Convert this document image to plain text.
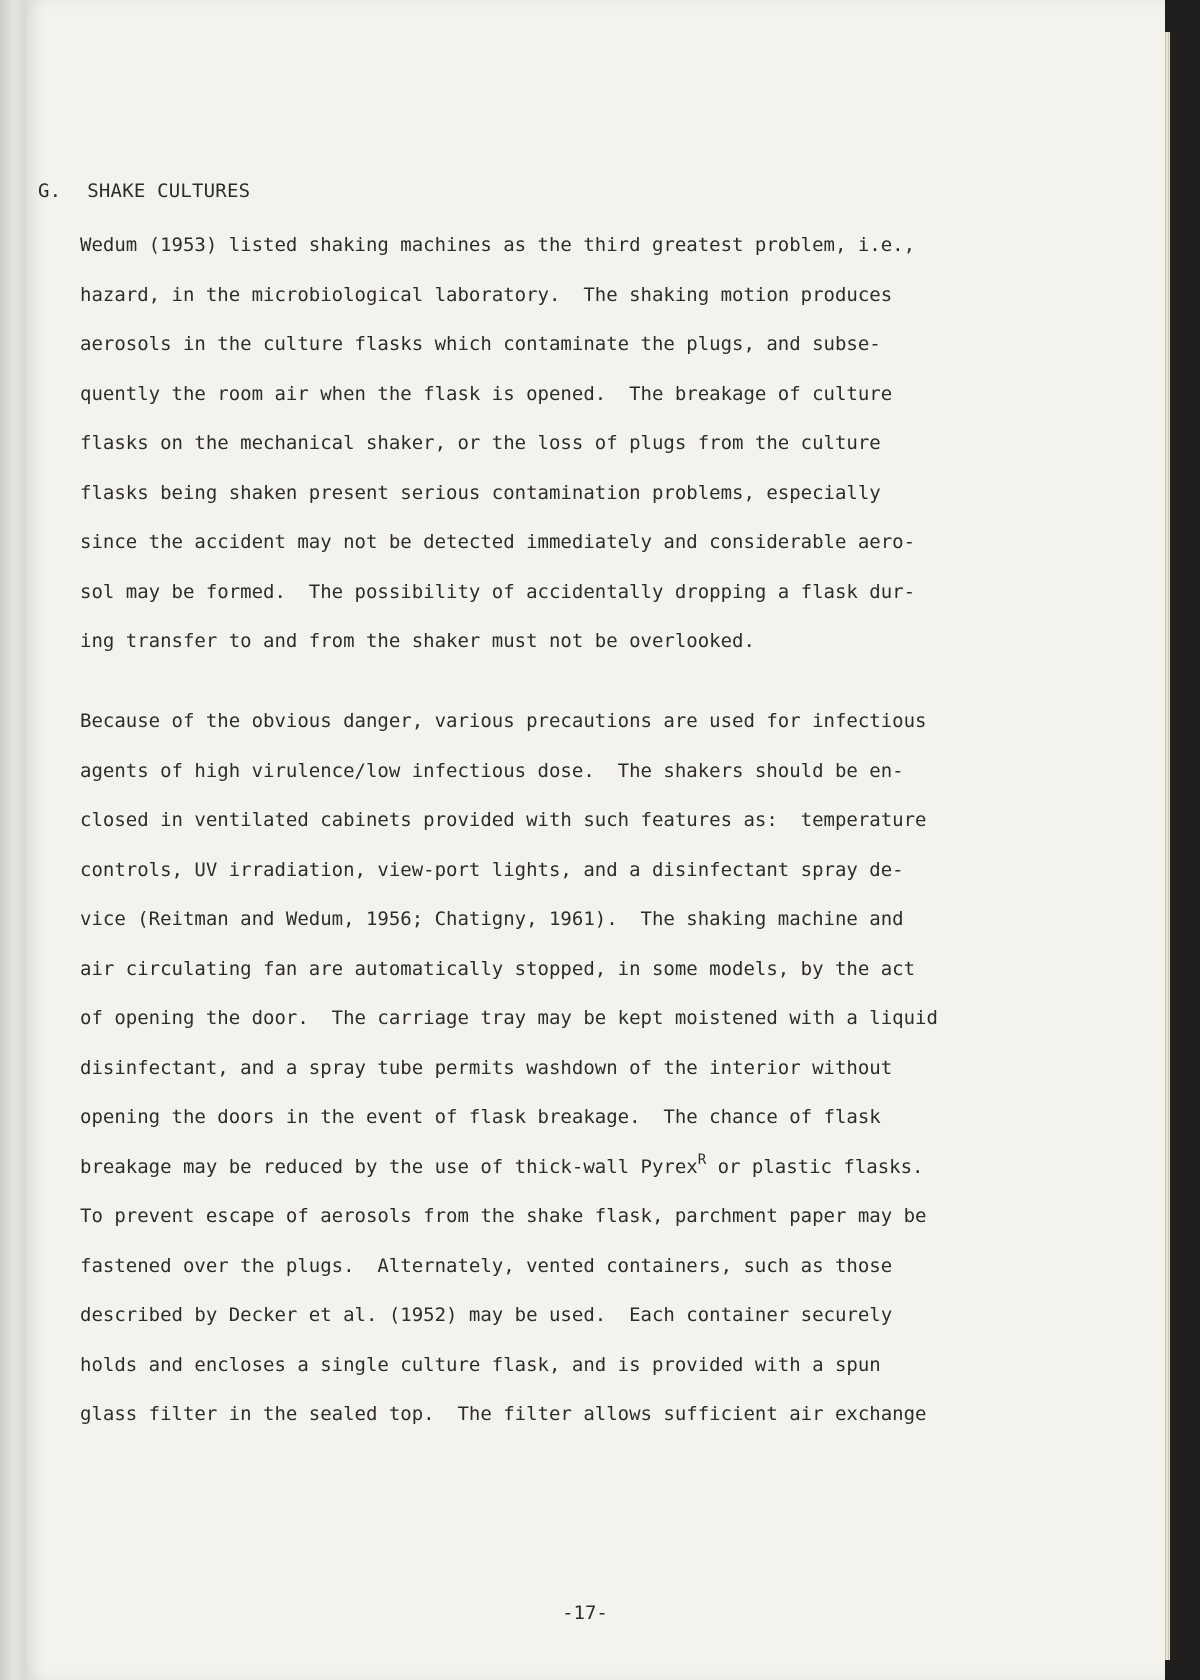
G. SHAKE CULTURES
Wedum (1953) listed shaking machines as the third greatest problem, i.e.,
hazard, in the microbiological laboratory.  The shaking motion produces
aerosols in the culture flasks which contaminate the plugs, and subse-
quently the room air when the flask is opened.  The breakage of culture
flasks on the mechanical shaker, or the loss of plugs from the culture
flasks being shaken present serious contamination problems, especially
since the accident may not be detected immediately and considerable aero-
sol may be formed.  The possibility of accidentally dropping a flask dur-
ing transfer to and from the shaker must not be overlooked.
Because of the obvious danger, various precautions are used for infectious
agents of high virulence/low infectious dose.  The shakers should be en-
closed in ventilated cabinets provided with such features as:  temperature
controls, UV irradiation, view-port lights, and a disinfectant spray de-
vice (Reitman and Wedum, 1956; Chatigny, 1961).  The shaking machine and
air circulating fan are automatically stopped, in some models, by the act
of opening the door.  The carriage tray may be kept moistened with a liquid
disinfectant, and a spray tube permits washdown of the interior without
opening the doors in the event of flask breakage.  The chance of flask
breakage may be reduced by the use of thick-wall Pyrex$^R$ or plastic flasks.
To prevent escape of aerosols from the shake flask, parchment paper may be
fastened over the plugs.  Alternately, vented containers, such as those
described by Decker et al. (1952) may be used.  Each container securely
holds and encloses a single culture flask, and is provided with a spun
glass filter in the sealed top.  The filter allows sufficient air exchange
-17-
